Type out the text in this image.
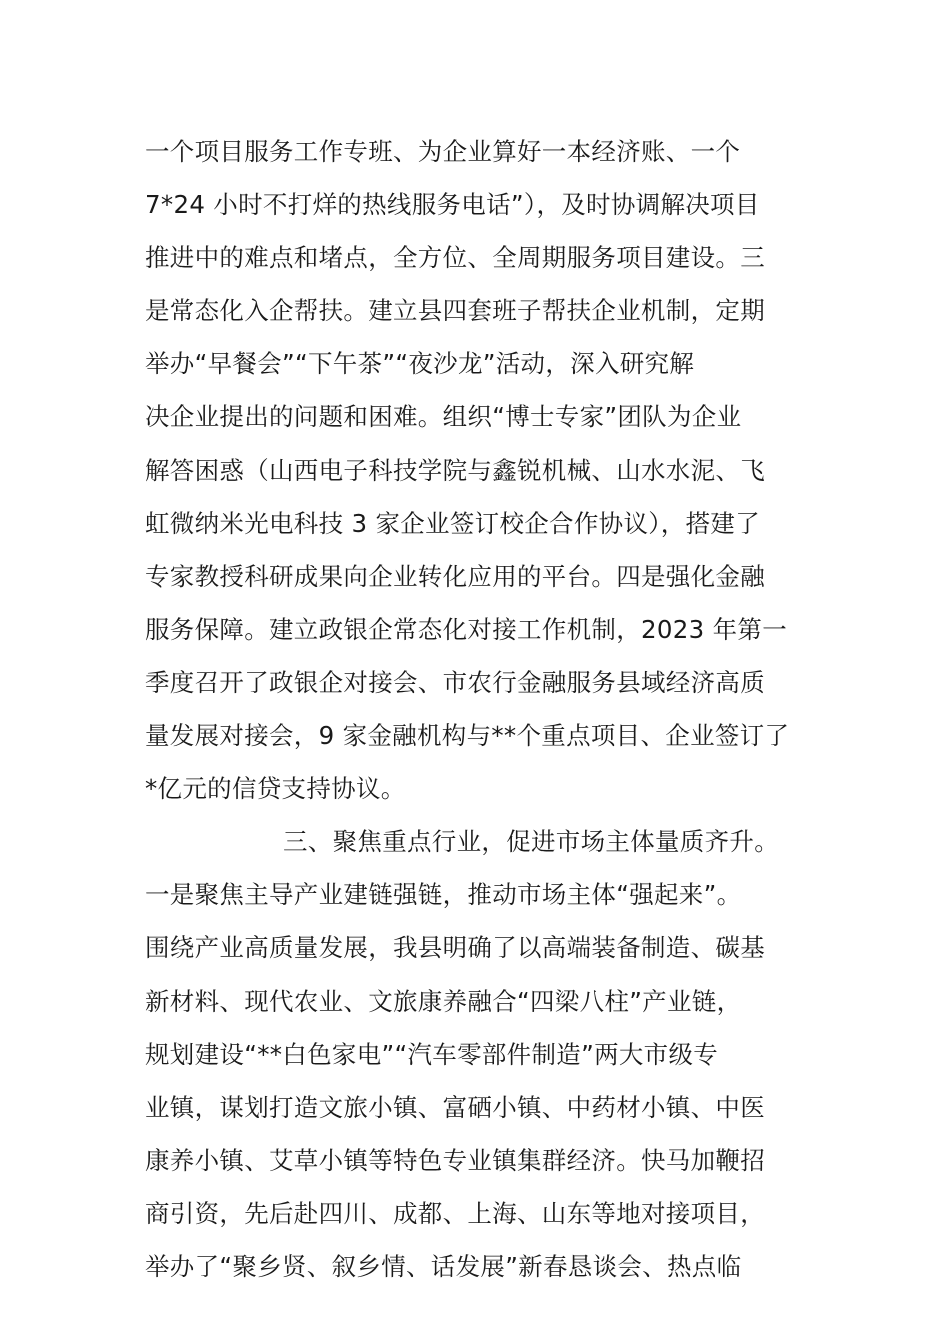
一个项目服务工作专班、为企业算好一本经济账、一个
7*24 小时不打烊的热线服务电话”），及时协调解决项目
推进中的难点和堵点，全方位、全周期服务项目建设。三
是常态化入企帮扶。建立县四套班子帮扶企业机制，定期
举办“早餐会”“下午茶”“夜沙龙”活动，深入研究解
决企业提出的问题和困难。组织“博士专家”团队为企业
解答困惑（山西电子科技学院与鑫锐机械、山水水泥、飞
虹微纳米光电科技 3 家企业签订校企合作协议），搭建了
专家教授科研成果向企业转化应用的平台。四是强化金融
服务保障。建立政银企常态化对接工作机制，2023 年第一
季度召开了政银企对接会、市农行金融服务县域经济高质
量发展对接会，9 家金融机构与**个重点项目、企业签订了
*亿元的信贷支持协议。
三、聚焦重点行业，促进市场主体量质齐升。
一是聚焦主导产业建链强链，推动市场主体“强起来”。
围绕产业高质量发展，我县明确了以高端装备制造、碳基
新材料、现代农业、文旅康养融合“四梁八柱”产业链，
规划建设“**白色家电”“汽车零部件制造”两大市级专
业镇，谋划打造文旅小镇、富硒小镇、中药材小镇、中医
康养小镇、艾草小镇等特色专业镇集群经济。快马加鞭招
商引资，先后赴四川、成都、上海、山东等地对接项目，
举办了“聚乡贤、叙乡情、话发展”新春恳谈会、热点临
